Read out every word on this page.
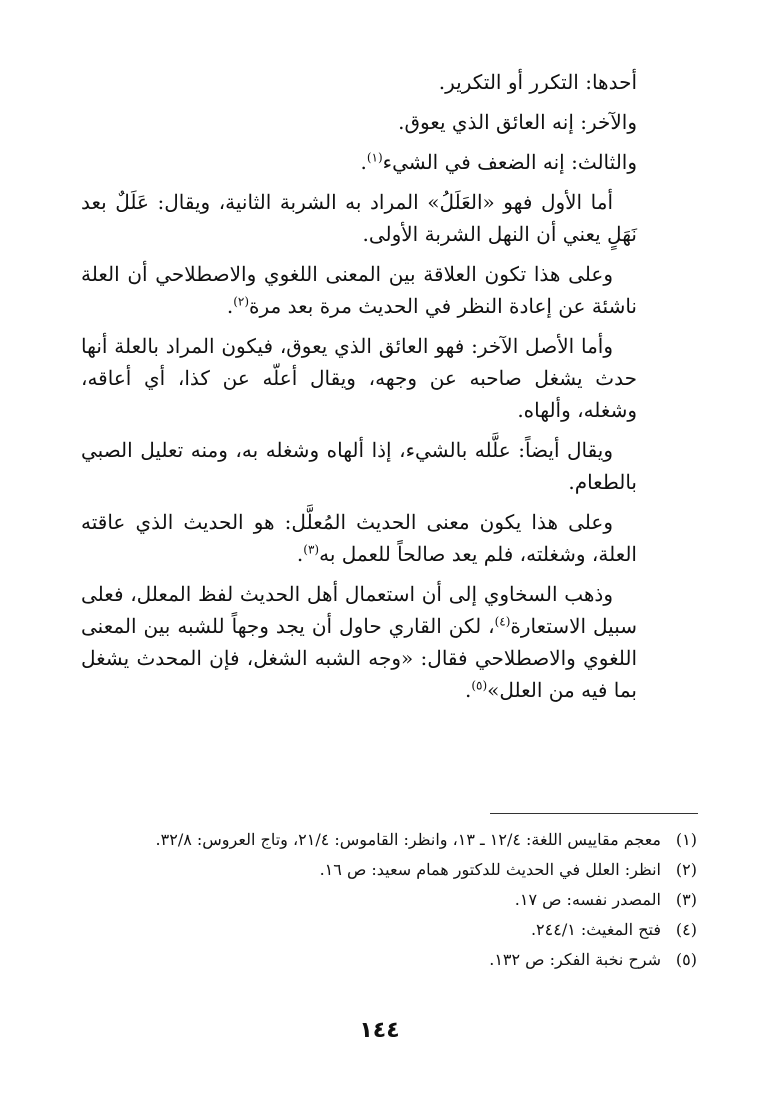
أحدها: التكرر أو التكرير.

والآخر: إنه العائق الذي يعوق.

والثالث: إنه الضعف في الشيء$^{(١)}$.

أما الأول فهو «العَلَلُ» المراد به الشربة الثانية، ويقال: عَلَلٌ بعد نَهَلٍ يعني أن النهل الشربة الأولى.

وعلى هذا تكون العلاقة بين المعنى اللغوي والاصطلاحي أن العلة ناشئة عن إعادة النظر في الحديث مرة بعد مرة$^{(٢)}$.

وأما الأصل الآخر: فهو العائق الذي يعوق، فيكون المراد بالعلة أنها حدث يشغل صاحبه عن وجهه، ويقال أعلّه عن كذا، أي أعاقه، وشغله، وألهاه.

ويقال أيضاً: علَّله بالشيء، إذا ألهاه وشغله به، ومنه تعليل الصبي بالطعام.

وعلى هذا يكون معنى الحديث المُعلَّل: هو الحديث الذي عاقته العلة، وشغلته، فلم يعد صالحاً للعمل به$^{(٣)}$.

وذهب السخاوي إلى أن استعمال أهل الحديث لفظ المعلل، فعلى سبيل الاستعارة$^{(٤)}$، لكن القاري حاول أن يجد وجهاً للشبه بين المعنى اللغوي والاصطلاحي فقال: «وجه الشبه الشغل، فإن المحدث يشغل بما فيه من العلل»$^{(٥)}$.

(١)
معجم مقاييس اللغة: ١٢/٤ ـ ١٣، وانظر: القاموس: ٢١/٤، وتاج العروس: ٣٢/٨.
(٢)
انظر: العلل في الحديث للدكتور همام سعيد: ص ١٦.
(٣)
المصدر نفسه: ص ١٧.
(٤)
فتح المغيث: ٢٤٤/١.
(٥)
شرح نخبة الفكر: ص ١٣٢.
١٤٤
